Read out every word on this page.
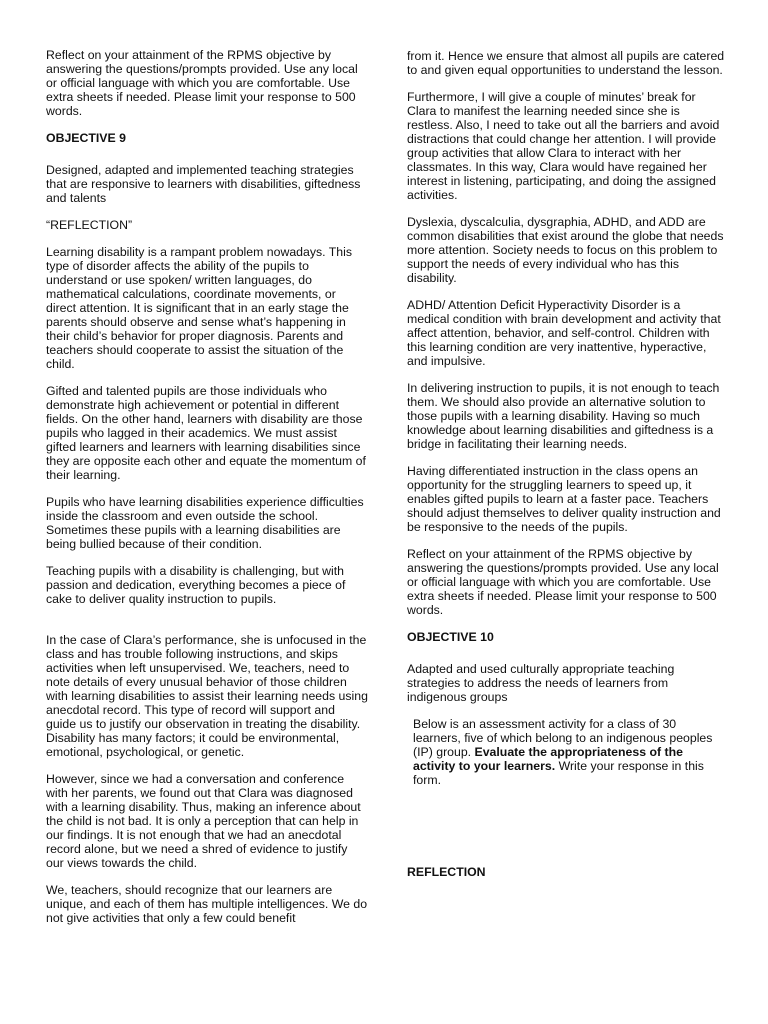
Reflect on your attainment of the RPMS objective by answering the questions/prompts provided. Use any local or official language with which you are comfortable. Use extra sheets if needed. Please limit your response to 500 words.

OBJECTIVE 9

Designed, adapted and implemented teaching strategies that are responsive to learners with disabilities, giftedness and talents

“REFLECTION”

Learning disability is a rampant problem nowadays. This type of disorder affects the ability of the pupils to understand or use spoken/ written languages, do mathematical calculations, coordinate movements, or direct attention. It is significant that in an early stage the parents should observe and sense what’s happening in their child’s behavior for proper diagnosis. Parents and teachers should cooperate to assist the situation of the child.

Gifted and talented pupils are those individuals who demonstrate high achievement or potential in different fields. On the other hand, learners with disability are those pupils who lagged in their academics. We must assist gifted learners and learners with learning disabilities since they are opposite each other and equate the momentum of their learning.

Pupils who have learning disabilities experience difficulties inside the classroom and even outside the school. Sometimes these pupils with a learning disabilities are being bullied because of their condition.

Teaching pupils with a disability is challenging, but with passion and dedication, everything becomes a piece of cake to deliver quality instruction to pupils.

In the case of Clara’s performance, she is unfocused in the class and has trouble following instructions, and skips activities when left unsupervised. We, teachers, need to note details of every unusual behavior of those children with learning disabilities to assist their learning needs using anecdotal record. This type of record will support and guide us to justify our observation in treating the disability. Disability has many factors; it could be environmental, emotional, psychological, or genetic.

However, since we had a conversation and conference with her parents, we found out that Clara was diagnosed with a learning disability. Thus, making an inference about the child is not bad. It is only a perception that can help in our findings. It is not enough that we had an anecdotal record alone, but we need a shred of evidence to justify our views towards the child.

We, teachers, should recognize that our learners are unique, and each of them has multiple intelligences. We do not give activities that only a few could benefit

from it. Hence we ensure that almost all pupils are catered to and given equal opportunities to understand the lesson.

Furthermore, I will give a couple of minutes’ break for Clara to manifest the learning needed since she is restless. Also, I need to take out all the barriers and avoid distractions that could change her attention. I will provide group activities that allow Clara to interact with her classmates. In this way, Clara would have regained her interest in listening, participating, and doing the assigned activities.

Dyslexia, dyscalculia, dysgraphia, ADHD, and ADD are common disabilities that exist around the globe that needs more attention. Society needs to focus on this problem to support the needs of every individual who has this disability.

ADHD/ Attention Deficit Hyperactivity Disorder is a medical condition with brain development and activity that affect attention, behavior, and self-control. Children with this learning condition are very inattentive, hyperactive, and impulsive.

In delivering instruction to pupils, it is not enough to teach them. We should also provide an alternative solution to those pupils with a learning disability. Having so much knowledge about learning disabilities and giftedness is a bridge in facilitating their learning needs.

Having differentiated instruction in the class opens an opportunity for the struggling learners to speed up, it enables gifted pupils to learn at a faster pace. Teachers should adjust themselves to deliver quality instruction and be responsive to the needs of the pupils.

Reflect on your attainment of the RPMS objective by answering the questions/prompts provided. Use any local or official language with which you are comfortable. Use extra sheets if needed. Please limit your response to 500 words.

OBJECTIVE 10

Adapted and used culturally appropriate teaching strategies to address the needs of learners from indigenous groups

Below is an assessment activity for a class of 30 learners, five of which belong to an indigenous peoples (IP) group. Evaluate the appropriateness of the activity to your learners. Write your response in this form.

REFLECTION
